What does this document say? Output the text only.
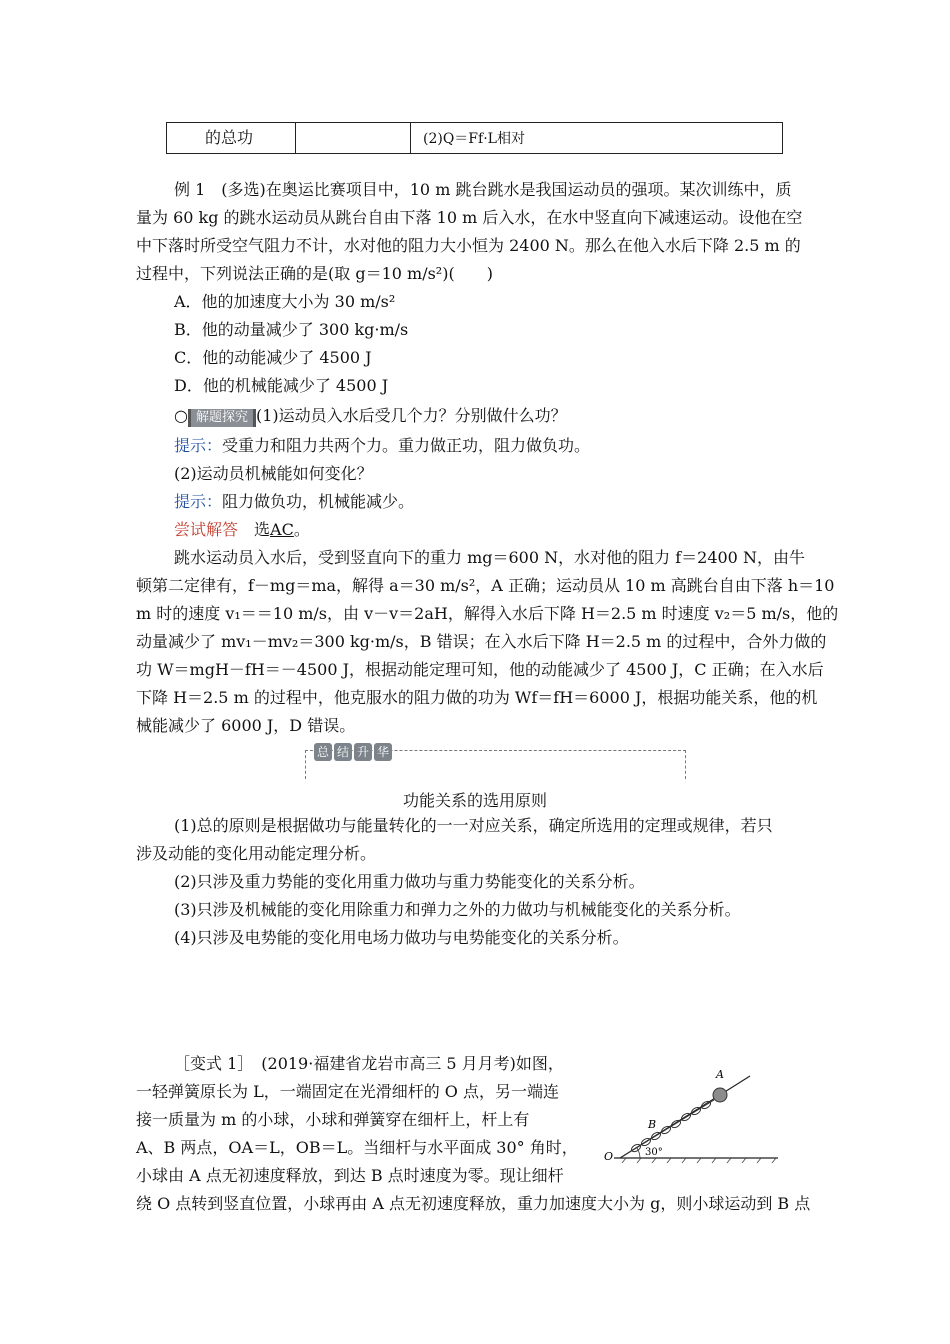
的总功	(2)Q＝Ff·L相对
例 1　(多选)在奥运比赛项目中，10 m 跳台跳水是我国运动员的强项。某次训练中，质
量为 60 kg 的跳水运动员从跳台自由下落 10 m 后入水，在水中竖直向下减速运动。设他在空
中下落时所受空气阻力不计，水对他的阻力大小恒为 2400 N。那么在他入水后下降 2.5 m 的
过程中，下列说法正确的是(取 g＝10 m/s²)(　　)
A．他的加速度大小为 30 m/s²
B．他的动量减少了 300 kg·m/s
C．他的动能减少了 4500 J
D．他的机械能减少了 4500 J
○ 解题探究 (1)运动员入水后受几个力？分别做什么功？
提示：受重力和阻力共两个力。重力做正功，阻力做负功。
(2)运动员机械能如何变化？
提示：阻力做负功，机械能减少。
尝试解答　 选AC。
跳水运动员入水后，受到竖直向下的重力 mg＝600 N，水对他的阻力 f＝2400 N，由牛
顿第二定律有，f－mg＝ma，解得 a＝30 m/s²，A 正确；运动员从 10 m 高跳台自由下落 h＝10
m 时的速度 v₁＝＝10 m/s，由 v－v＝2aH，解得入水后下降 H＝2.5 m 时速度 v₂＝5 m/s，他的
动量减少了 mv₁－mv₂＝300 kg·m/s，B 错误；在入水后下降 H＝2.5 m 的过程中，合外力做的
功 W＝mgH－fH＝－4500 J，根据动能定理可知，他的动能减少了 4500 J，C 正确；在入水后
下降 H＝2.5 m 的过程中，他克服水的阻力做的功为 Wf＝fH＝6000 J，根据功能关系，他的机
械能减少了 6000 J，D 错误。
总 结 升 华
功能关系的选用原则
(1)总的原则是根据做功与能量转化的一一对应关系，确定所选用的定理或规律，若只
涉及动能的变化用动能定理分析。
(2)只涉及重力势能的变化用重力做功与重力势能变化的关系分析。
(3)只涉及机械能的变化用除重力和弹力之外的力做功与机械能变化的关系分析。
(4)只涉及电势能的变化用电场力做功与电势能变化的关系分析。
［变式 1］　(2019·福建省龙岩市高三 5 月月考)如图，
一轻弹簧原长为 L，一端固定在光滑细杆的 O 点，另一端连
接一质量为 m 的小球，小球和弹簧穿在细杆上，杆上有
A、B 两点，OA＝L，OB＝L。当细杆与水平面成 30° 角时，
小球由 A 点无初速度释放，到达 B 点时速度为零。现让细杆
绕 O 点转到竖直位置，小球再由 A 点无初速度释放，重力加速度大小为 g，则小球运动到 B 点
A
B
O	30°
